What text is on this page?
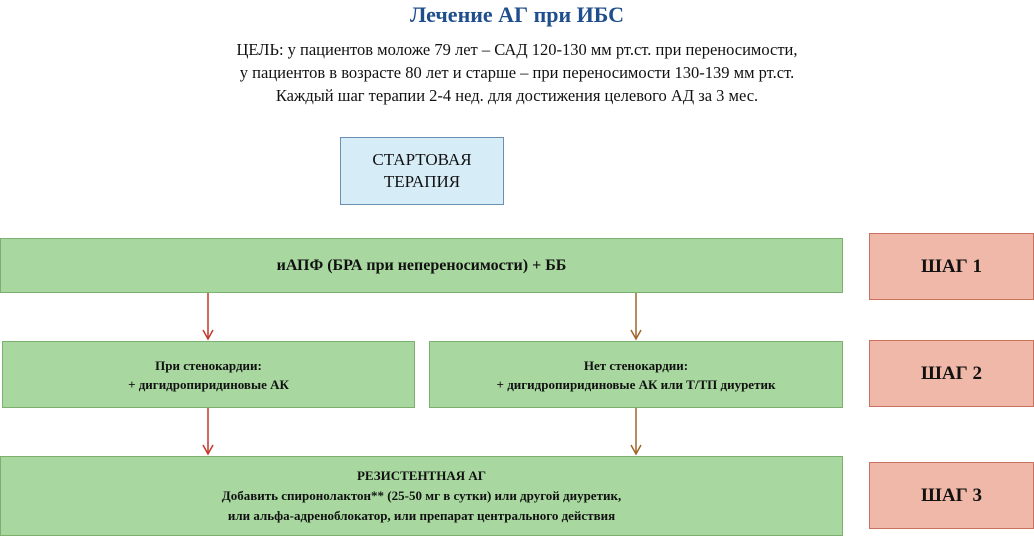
Лечение АГ при ИБС
ЦЕЛЬ: у пациентов моложе 79 лет – САД 120-130 мм рт.ст. при переносимости,
у пациентов в возрасте 80 лет и старше – при переносимости 130-139 мм рт.ст.
Каждый шаг терапии 2-4 нед. для достижения целевого АД за 3 мес.
СТАРТОВАЯ
ТЕРАПИЯ
иАПФ (БРА при непереносимости) + ББ
При стенокардии:
+ дигидропиридиновые АК
Нет стенокардии:
+ дигидропиридиновые АК или Т/ТП диуретик
РЕЗИСТЕНТНАЯ АГ
Добавить спиронолактон** (25-50 мг в сутки) или другой диуретик,
или альфа-адреноблокатор, или препарат центрального действия
ШАГ 1
ШАГ 2
ШАГ 3
